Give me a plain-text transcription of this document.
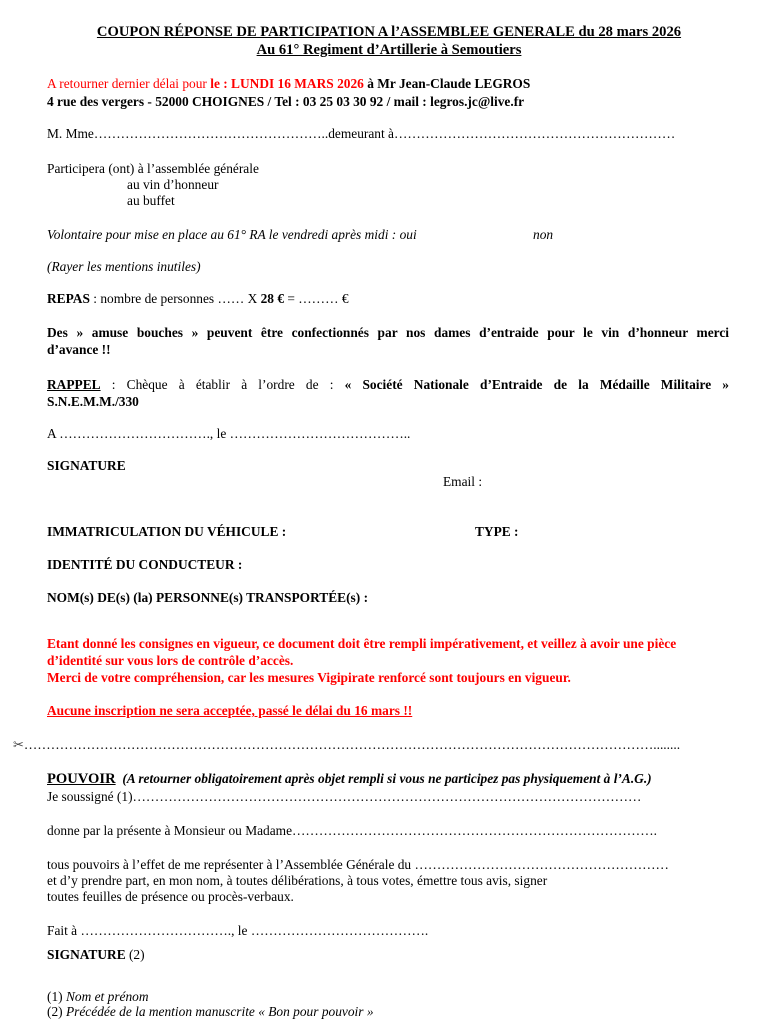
COUPON RÉPONSE DE PARTICIPATION A l’ASSEMBLEE GENERALE du 28 mars 2026
Au 61° Regiment d’Artillerie à Semoutiers
A retourner dernier délai pour le : LUNDI 16 MARS 2026 à Mr Jean-Claude LEGROS
4 rue des vergers - 52000 CHOIGNES / Tel : 03 25 03 30 92 / mail : legros.jc@live.fr
M. Mme……………………………………………..demeurant à………………………………………………………
Participera (ont) à l’assemblée générale
au vin d’honneur
au buffet
Volontaire pour mise en place au 61° RA le vendredi après midi : oui	non
(Rayer les mentions inutiles)
REPAS : nombre de personnes …… X 28 € = ……… €
Des » amuse bouches » peuvent être confectionnés par nos dames d’entraide pour le vin d’honneur merci
d’avance !!
RAPPEL : Chèque à établir à l’ordre de : « Société Nationale d’Entraide de la Médaille Militaire »
S.N.E.M.M./330
A ……………………………., le …………………………………..
SIGNATURE
Email :
IMMATRICULATION DU VÉHICULE :	TYPE :
IDENTITÉ DU CONDUCTEUR :
NOM(s) DE(s) (la) PERSONNE(s) TRANSPORTÉE(s) :
Etant donné les consignes en vigueur, ce document doit être rempli impérativement, et veillez à avoir une pièce
d’identité sur vous lors de contrôle d’accès.
Merci de votre compréhension, car les mesures Vigipirate renforcé sont toujours en vigueur.
Aucune inscription ne sera acceptée, passé le délai du 16 mars !!
✂……………………………………………………………………………………………………………………………........
POUVOIR (A retourner obligatoirement après objet rempli si vous ne participez pas physiquement à l’A.G.)
Je soussigné (1)……………………………………………………………………………………………………
donne par la présente à Monsieur ou Madame……………………………………………………………………….
tous pouvoirs à l’effet de me représenter à l’Assemblée Générale du …………………………………………………
et d’y prendre part, en mon nom, à toutes délibérations, à tous votes, émettre tous avis, signer
toutes feuilles de présence ou procès-verbaux.
Fait à ……………………………., le ………………………………….
SIGNATURE (2)
(1) Nom et prénom
(2) Précédée de la mention manuscrite « Bon pour pouvoir »
